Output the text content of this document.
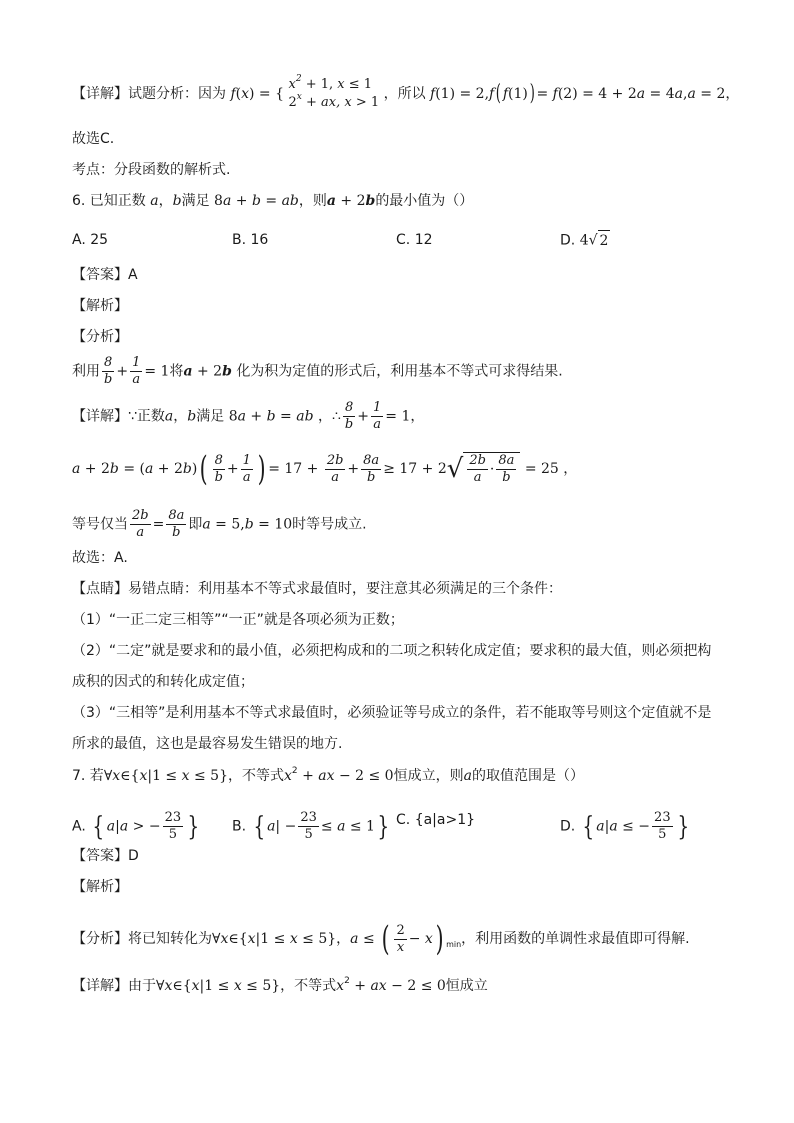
【详解】试题分析：因为 f(x) = {
$x^2 + 1$, x ≤ 1
$2^x$ + ax, x > 1
，所以 f(1) = 2,f( f(1)) = f(2) = 4 + 2a = 4a,a = 2，
故选C.
考点：分段函数的解析式.
6. 已知正数 a，b满足 8a + b = ab，则a + 2b的最小值为（）
A. 25	B. 16	C. 12	D. 4√ 2
【答案】A
【解析】
【分析】
利用 $\frac{8}{b} + \frac{1}{a} = 1$将a + 2b 化为积为定值的形式后，利用基本不等式可求得结果.
【详解】∵正数a，b满足 8a + b = ab ，∴ $\frac{8}{b} + \frac{1}{a} = 1$，
$a + 2b = (a + 2b)( \frac{8}{b} + \frac{1}{a}$ ) = $17 + \frac{2b}{a} + \frac{8a}{b} \ge 17 + 2√ \frac{2b}{a} \cdot \frac{8a}{b} = 25$ ，
等号仅当 $\frac{2b}{a} = \frac{8a}{b}$ 即a = 5,b = 10时等号成立.
故选：A.
【点睛】易错点睛：利用基本不等式求最值时，要注意其必须满足的三个条件：
（1）“一正二定三相等”“一正”就是各项必须为正数；
（2）“二定”就是要求和的最小值，必须把构成和的二项之积转化成定值；要求积的最大值，则必须把构
成积的因式的和转化成定值；
（3）“三相等”是利用基本不等式求最值时，必须验证等号成立的条件，若不能取等号则这个定值就不是
所求的最值，这也是最容易发生错误的地方.
7. 若∀x∈{x|1 ≤ x ≤ 5}，不等式$x^2$ + ax − 2 ≤ 0恒成立，则a的取值范围是（）
A. { a|a > − $\frac{23}{5}$ } B. { $a| - \frac{23}{5} \le a \le 1$} C. {a|a>1}	D. { a|a ≤ − $\frac{23}{5}$ }
【答案】D
【解析】
【分析】将已知转化为∀x∈{x|1 ≤ x ≤ 5}，a ≤ ( $\frac{2}{x} - x$) $_{min}$，利用函数的单调性求最值即可得解.
【详解】由于∀x∈{x|1 ≤ x ≤ 5}，不等式$x^2$ + ax − 2 ≤ 0恒成立
